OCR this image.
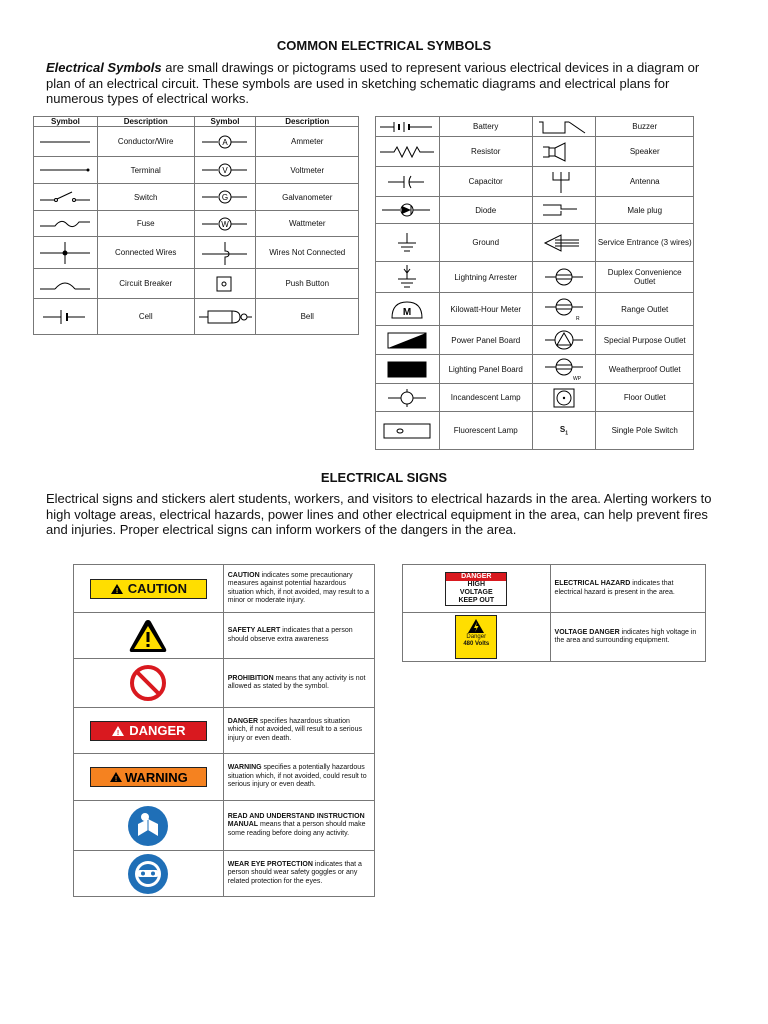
COMMON ELECTRICAL SYMBOLS
Electrical Symbols are small drawings or pictograms used to represent various electrical devices in a diagram or plan of an electrical circuit. These symbols are used in sketching schematic diagrams and electrical plans for numerous types of electrical works.
Symbol	Description	Symbol	Description

	Conductor/Wire	A	Ammeter

	Terminal	V	Voltmeter

	Switch	G	Galvanometer

	Fuse	W	Wattmeter

	Connected Wires		Wires Not Connected

	Circuit Breaker		Push Button

	Cell		Bell
	Battery		Buzzer

	Resistor		Speaker

	Capacitor		Antenna

	Diode		Male plug

	Ground		Service Entrance (3 wires)

	Lightning Arrester		Duplex Convenience Outlet

M	Kilowatt-Hour Meter	R	Range Outlet

	Power Panel Board		Special Purpose Outlet

	Lighting Panel Board	WP	Weatherproof Outlet

	Incandescent Lamp		Floor Outlet

	Fluorescent Lamp	$S_1$	Single Pole Switch
ELECTRICAL SIGNS
Electrical signs and stickers alert students, workers, and visitors to electrical hazards in the area. Alerting workers to high voltage areas, electrical hazards, power lines and other electrical equipment in the area, can help prevent fires and injuries. Proper electrical signs can inform workers of the dangers in the area.
! CAUTION	CAUTION indicates some precautionary measures against potential hazardous situation which, if not avoided, may result to a minor or moderate injury.

	SAFETY ALERT indicates that a person should observe extra awareness

	PROHIBITION means that any activity is not allowed as stated by the symbol.

! DANGER	DANGER specifies hazardous situation which, if not avoided, will result to a serious injury or even death.

! WARNING	WARNING specifies a potentially hazardous situation which, if not avoided, could result to serious injury or even death.

	READ AND UNDERSTAND INSTRUCTION MANUAL means that a person should make some reading before doing any activity.

	WEAR EYE PROTECTION indicates that a person should wear safety goggles or any related protection for the eyes.
DANGER
HIGH
VOLTAGE
KEEP OUT	ELECTRICAL HAZARD indicates that electrical hazard is present in the area.

Danger
480 Volts	VOLTAGE DANGER indicates high voltage in the area and surrounding equipment.
